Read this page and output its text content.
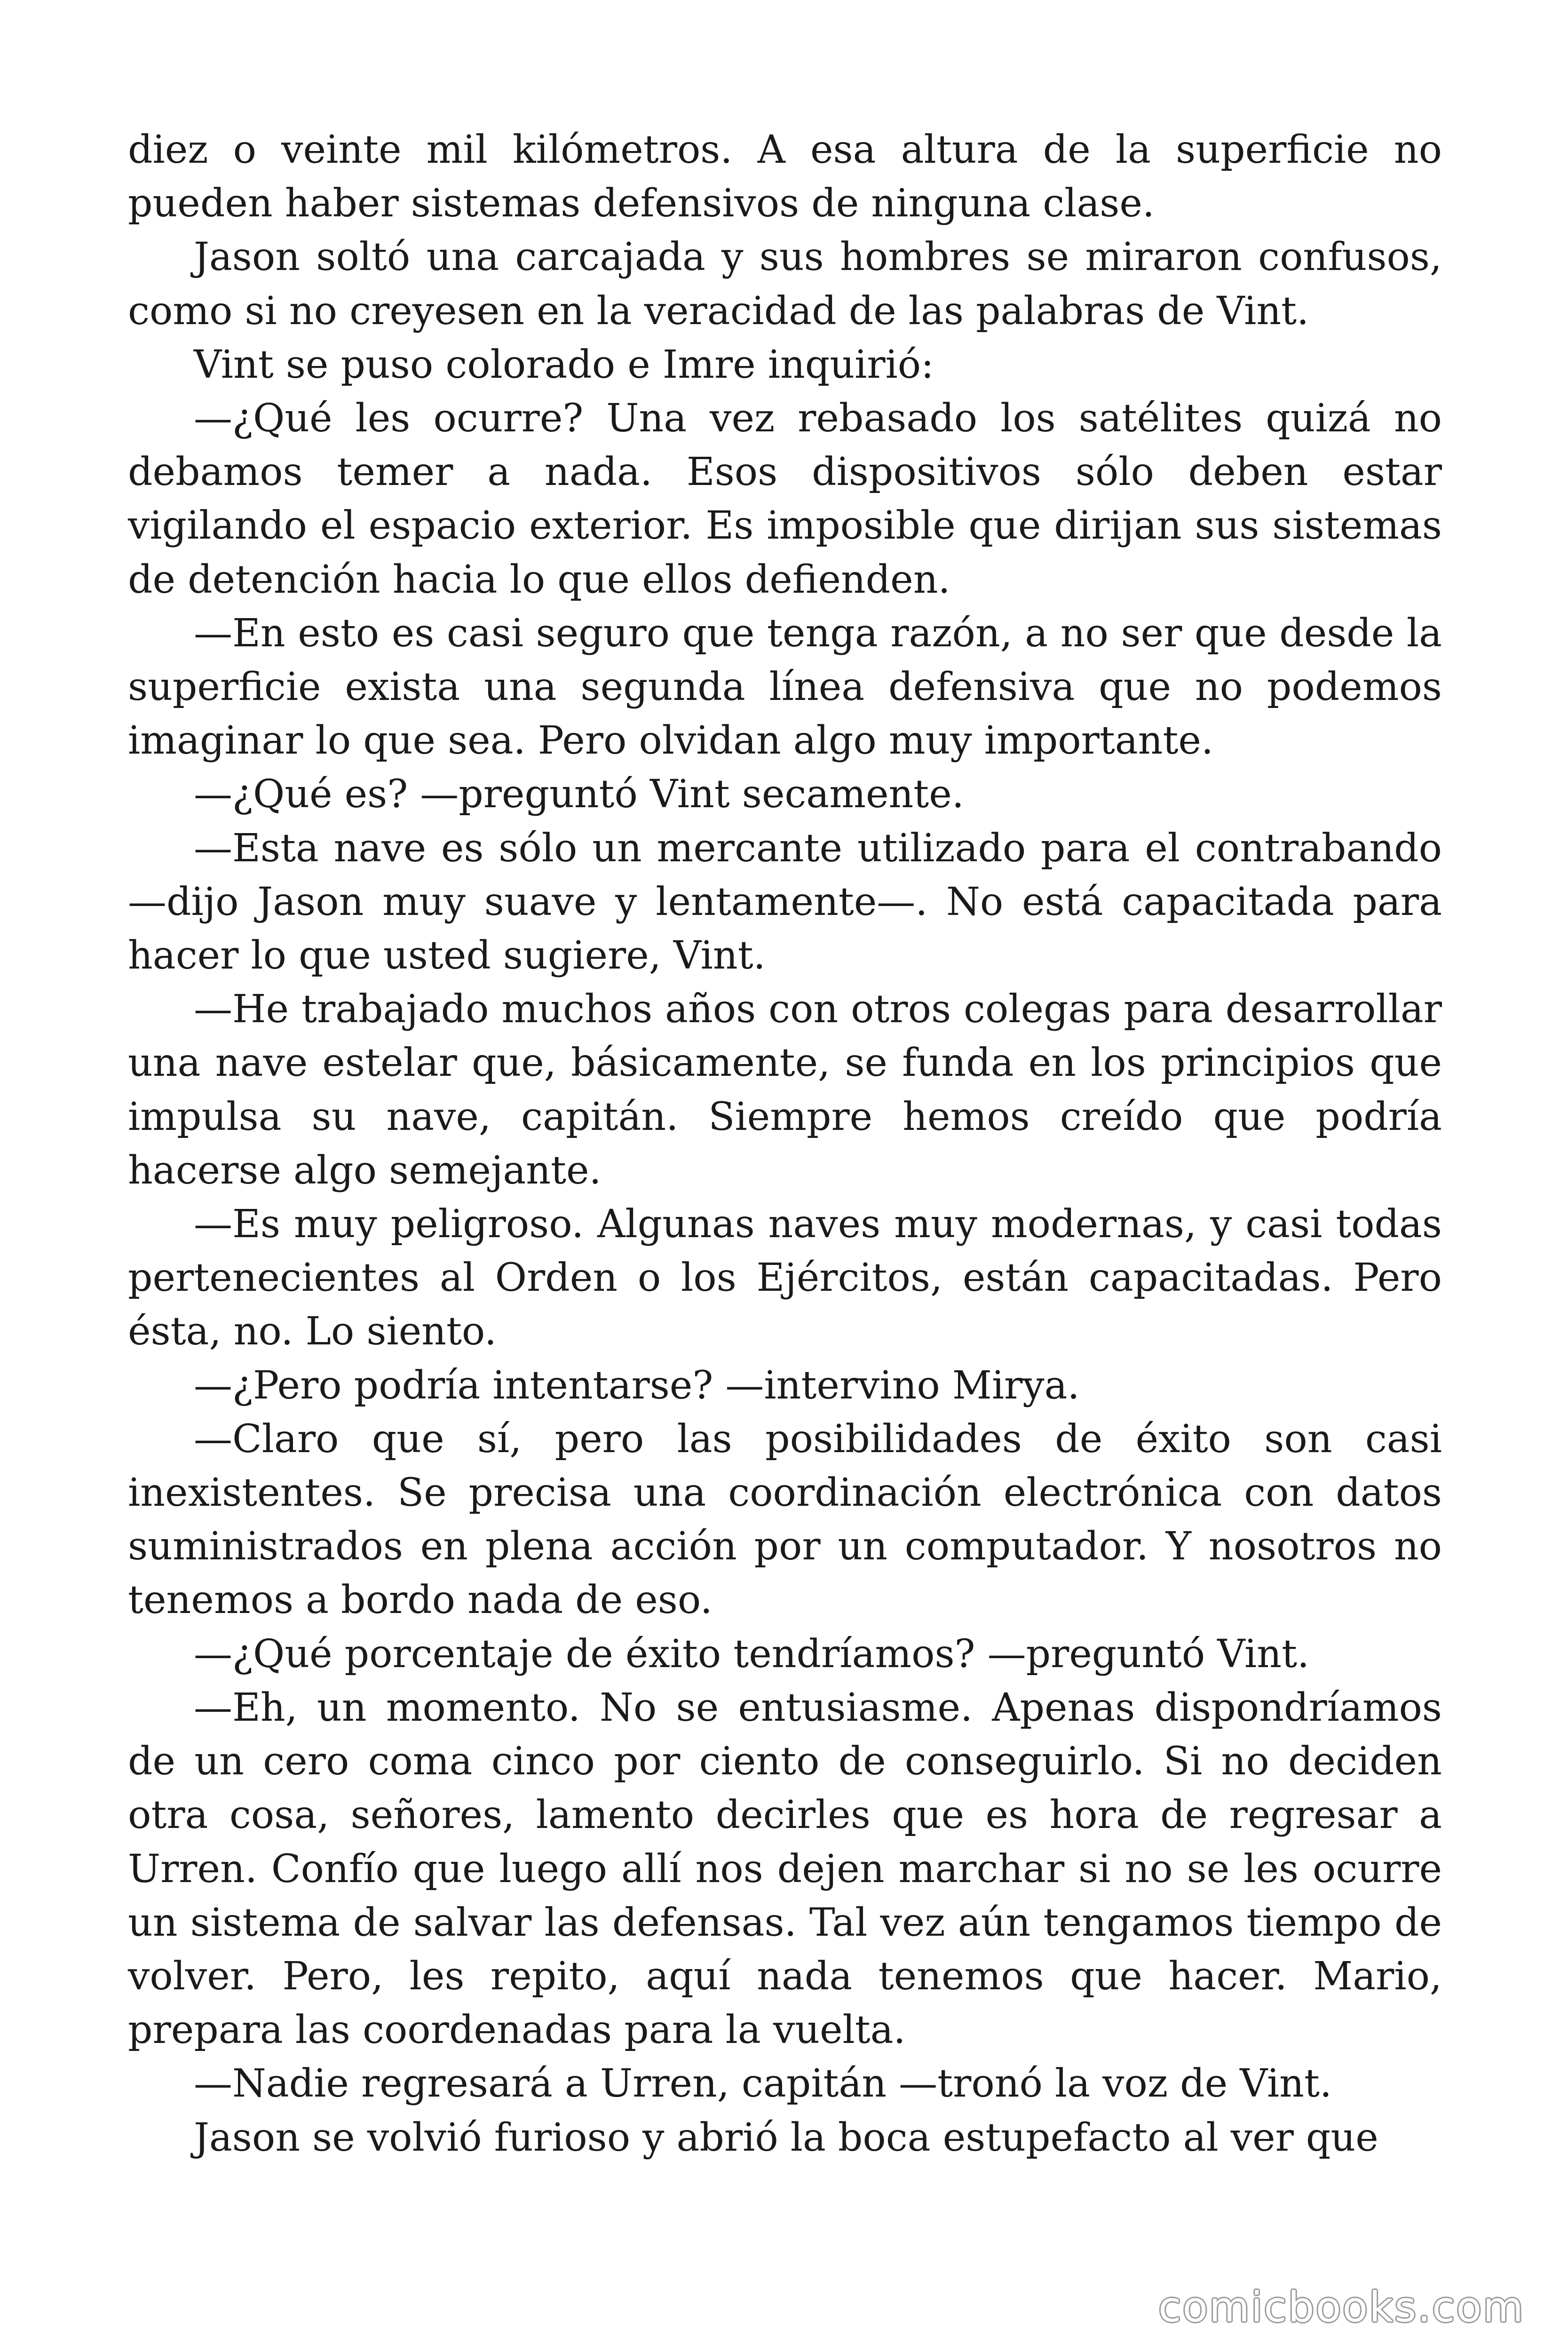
diez o veinte mil kilómetros. A esa altura de la superficie no pueden haber sistemas defensivos de ninguna clase.

Jason soltó una carcajada y sus hombres se miraron confusos, como si no creyesen en la veracidad de las palabras de Vint.

Vint se puso colorado e Imre inquirió:

—¿Qué les ocurre? Una vez rebasado los satélites quizá no debamos temer a nada. Esos dispositivos sólo deben estar vigilando el espacio exterior. Es imposible que dirijan sus sistemas de detención hacia lo que ellos defienden.

—En esto es casi seguro que tenga razón, a no ser que desde la superficie exista una segunda línea defensiva que no podemos imaginar lo que sea. Pero olvidan algo muy importante.

—¿Qué es? —preguntó Vint secamente.

—Esta nave es sólo un mercante utilizado para el contrabando —dijo Jason muy suave y lentamente—. No está capacitada para hacer lo que usted sugiere, Vint.

—He trabajado muchos años con otros colegas para desarrollar una nave estelar que, básicamente, se funda en los principios que impulsa su nave, capitán. Siempre hemos creído que podría hacerse algo semejante.

—Es muy peligroso. Algunas naves muy modernas, y casi todas pertenecientes al Orden o los Ejércitos, están capacitadas. Pero ésta, no. Lo siento.

—¿Pero podría intentarse? —intervino Mirya.

—Claro que sí, pero las posibilidades de éxito son casi inexistentes. Se precisa una coordinación electrónica con datos suministrados en plena acción por un computador. Y nosotros no tenemos a bordo nada de eso.

—¿Qué porcentaje de éxito tendríamos? —preguntó Vint.

—Eh, un momento. No se entusiasme. Apenas dispondríamos de un cero coma cinco por ciento de conseguirlo. Si no deciden otra cosa, señores, lamento decirles que es hora de regresar a Urren. Confío que luego allí nos dejen marchar si no se les ocurre un sistema de salvar las defensas. Tal vez aún tengamos tiempo de volver. Pero, les repito, aquí nada tenemos que hacer. Mario, prepara las coordenadas para la vuelta.

—Nadie regresará a Urren, capitán —tronó la voz de Vint.

Jason se volvió furioso y abrió la boca estupefacto al ver que

comicbooks.com
